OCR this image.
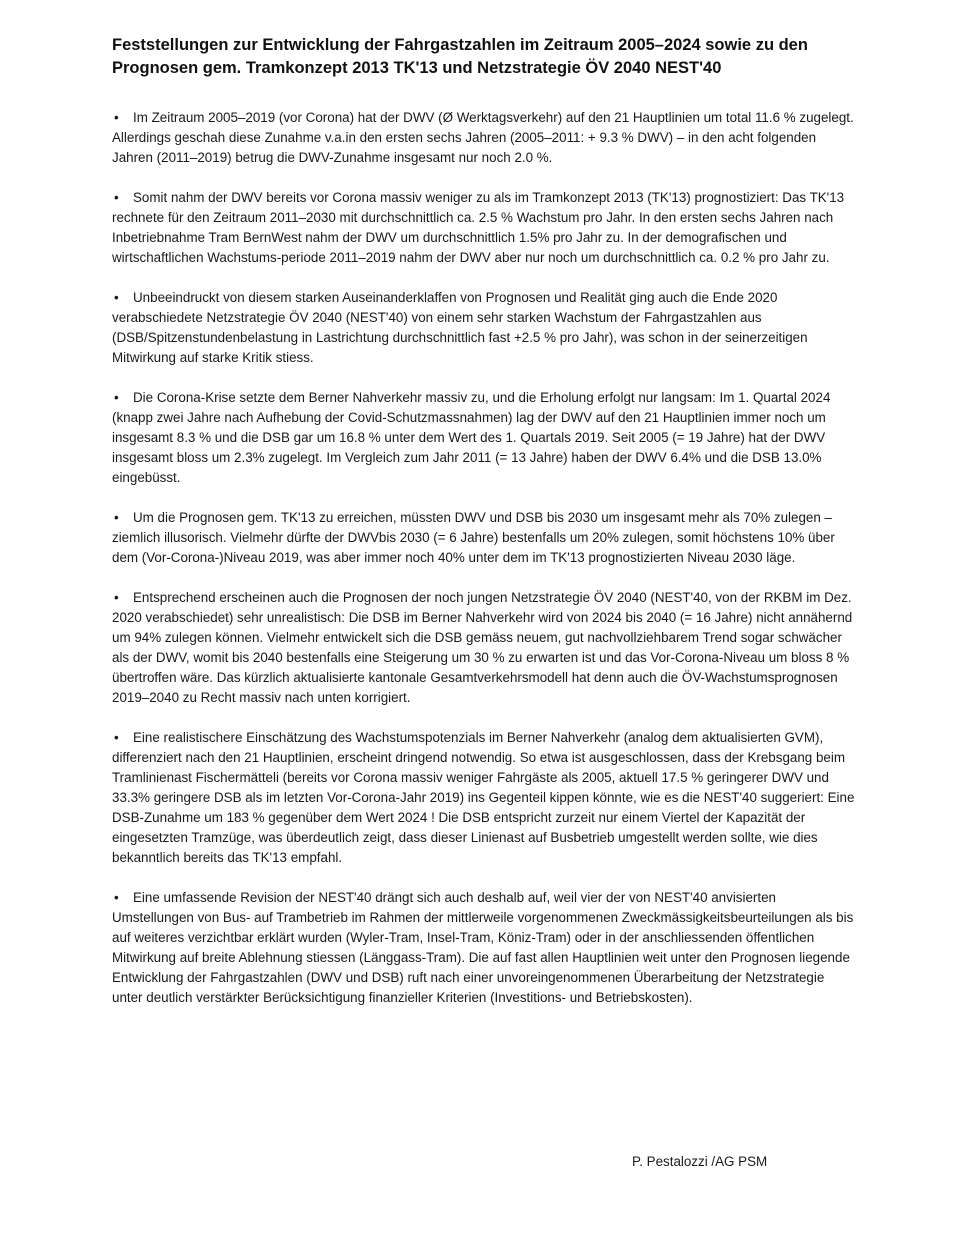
Feststellungen zur Entwicklung der Fahrgastzahlen im Zeitraum 2005–2024 sowie zu den Prognosen gem. Tramkonzept 2013 TK'13 und Netzstrategie ÖV 2040 NEST'40

• Im Zeitraum 2005–2019 (vor Corona) hat der DWV (Ø Werktagsverkehr) auf den 21 Hauptlinien um total 11.6 % zugelegt. Allerdings geschah diese Zunahme v.a.in den ersten sechs Jahren (2005–2011: + 9.3 % DWV) – in den acht folgenden Jahren (2011–2019) betrug die DWV-Zunahme insgesamt nur noch 2.0 %.

• Somit nahm der DWV bereits vor Corona massiv weniger zu als im Tramkonzept 2013 (TK'13) prognostiziert: Das TK'13 rechnete für den Zeitraum 2011–2030 mit durchschnittlich ca. 2.5 % Wachstum pro Jahr. In den ersten sechs Jahren nach Inbetriebnahme Tram BernWest nahm der DWV um durchschnittlich 1.5% pro Jahr zu. In der demografischen und wirtschaftlichen Wachstums-periode 2011–2019 nahm der DWV aber nur noch um durchschnittlich ca. 0.2 % pro Jahr zu.

• Unbeeindruckt von diesem starken Auseinanderklaffen von Prognosen und Realität ging auch die Ende 2020 verabschiedete Netzstrategie ÖV 2040 (NEST'40) von einem sehr starken Wachstum der Fahrgastzahlen aus (DSB/Spitzenstundenbelastung in Lastrichtung durchschnittlich fast +2.5 % pro Jahr), was schon in der seinerzeitigen Mitwirkung auf starke Kritik stiess.

• Die Corona-Krise setzte dem Berner Nahverkehr massiv zu, und die Erholung erfolgt nur langsam: Im 1. Quartal 2024 (knapp zwei Jahre nach Aufhebung der Covid-Schutzmassnahmen) lag der DWV auf den 21 Hauptlinien immer noch um insgesamt 8.3 % und die DSB gar um 16.8 % unter dem Wert des 1. Quartals 2019. Seit 2005 (= 19 Jahre) hat der DWV insgesamt bloss um 2.3% zugelegt. Im Vergleich zum Jahr 2011 (= 13 Jahre) haben der DWV 6.4% und die DSB 13.0% eingebüsst.

• Um die Prognosen gem. TK'13 zu erreichen, müssten DWV und DSB bis 2030 um insgesamt mehr als 70% zulegen – ziemlich illusorisch. Vielmehr dürfte der DWVbis 2030 (= 6 Jahre) bestenfalls um 20% zulegen, somit höchstens 10% über dem (Vor-Corona-)Niveau 2019, was aber immer noch 40% unter dem im TK'13 prognostizierten Niveau 2030 läge.

• Entsprechend erscheinen auch die Prognosen der noch jungen Netzstrategie ÖV 2040 (NEST'40, von der RKBM im Dez. 2020 verabschiedet) sehr unrealistisch: Die DSB im Berner Nahverkehr wird von 2024 bis 2040 (= 16 Jahre) nicht annähernd um 94% zulegen können. Vielmehr entwickelt sich die DSB gemäss neuem, gut nachvollziehbarem Trend sogar schwächer als der DWV, womit bis 2040 bestenfalls eine Steigerung um 30 % zu erwarten ist und das Vor-Corona-Niveau um bloss 8 % übertroffen wäre. Das kürzlich aktualisierte kantonale Gesamtverkehrsmodell hat denn auch die ÖV-Wachstumsprognosen 2019–2040 zu Recht massiv nach unten korrigiert.

• Eine realistischere Einschätzung des Wachstumspotenzials im Berner Nahverkehr (analog dem aktualisierten GVM), differenziert nach den 21 Hauptlinien, erscheint dringend notwendig. So etwa ist ausgeschlossen, dass der Krebsgang beim Tramlinienast Fischermätteli (bereits vor Corona massiv weniger Fahrgäste als 2005, aktuell 17.5 % geringerer DWV und 33.3% geringere DSB als im letzten Vor-Corona-Jahr 2019) ins Gegenteil kippen könnte, wie es die NEST'40 suggeriert: Eine DSB-Zunahme um 183 % gegenüber dem Wert 2024 ! Die DSB entspricht zurzeit nur einem Viertel der Kapazität der eingesetzten Tramzüge, was überdeutlich zeigt, dass dieser Linienast auf Busbetrieb umgestellt werden sollte, wie dies bekanntlich bereits das TK'13 empfahl.

• Eine umfassende Revision der NEST'40 drängt sich auch deshalb auf, weil vier der von NEST'40 anvisierten Umstellungen von Bus- auf Trambetrieb im Rahmen der mittlerweile vorgenommenen Zweckmässigkeitsbeurteilungen als bis auf weiteres verzichtbar erklärt wurden (Wyler-Tram, Insel-Tram, Köniz-Tram) oder in der anschliessenden öffentlichen Mitwirkung auf breite Ablehnung stiessen (Länggass-Tram). Die auf fast allen Hauptlinien weit unter den Prognosen liegende Entwicklung der Fahrgastzahlen (DWV und DSB) ruft nach einer unvoreingenommenen Überarbeitung der Netzstrategie unter deutlich verstärkter Berücksichtigung finanzieller Kriterien (Investitions- und Betriebskosten).

P. Pestalozzi /AG PSM
